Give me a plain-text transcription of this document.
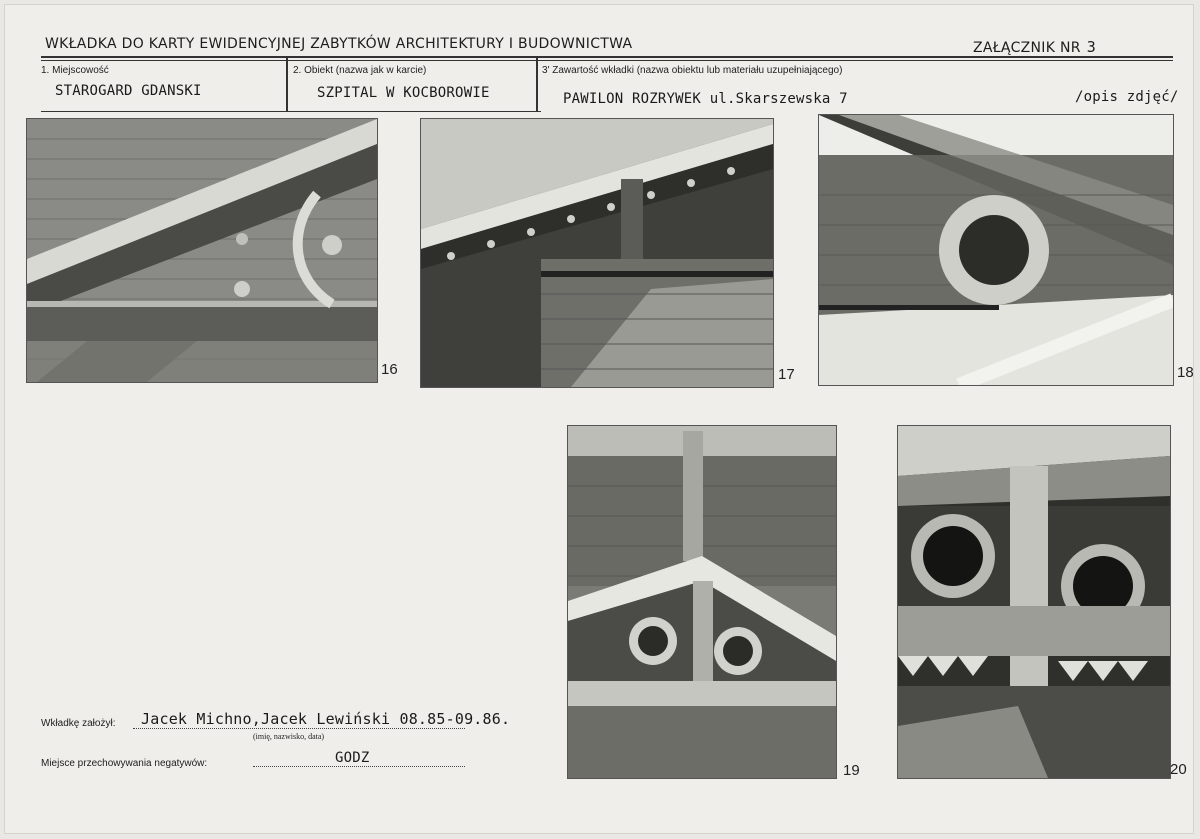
WKŁADKA DO KARTY EWIDENCYJNEJ ZABYTKÓW ARCHITEKTURY I BUDOWNICTWA	ZAŁĄCZNIK NR 3
1. Miejscowość
STAROGARD GDANSKI
2. Obiekt (nazwa jak w karcie)
SZPITAL W KOCBOROWIE
3' Zawartość wkładki (nazwa obiektu lub materiału uzupełniającego)
PAWILON ROZRYWEK ul.Skarszewska 7	/opis zdjęć/
16	17	18
19	20
Wkładkę założył: Jacek Michno,Jacek Lewiński 08.85-09.86.
(imię, nazwisko, data)
Miejsce przechowywania negatywów:	GODZ
